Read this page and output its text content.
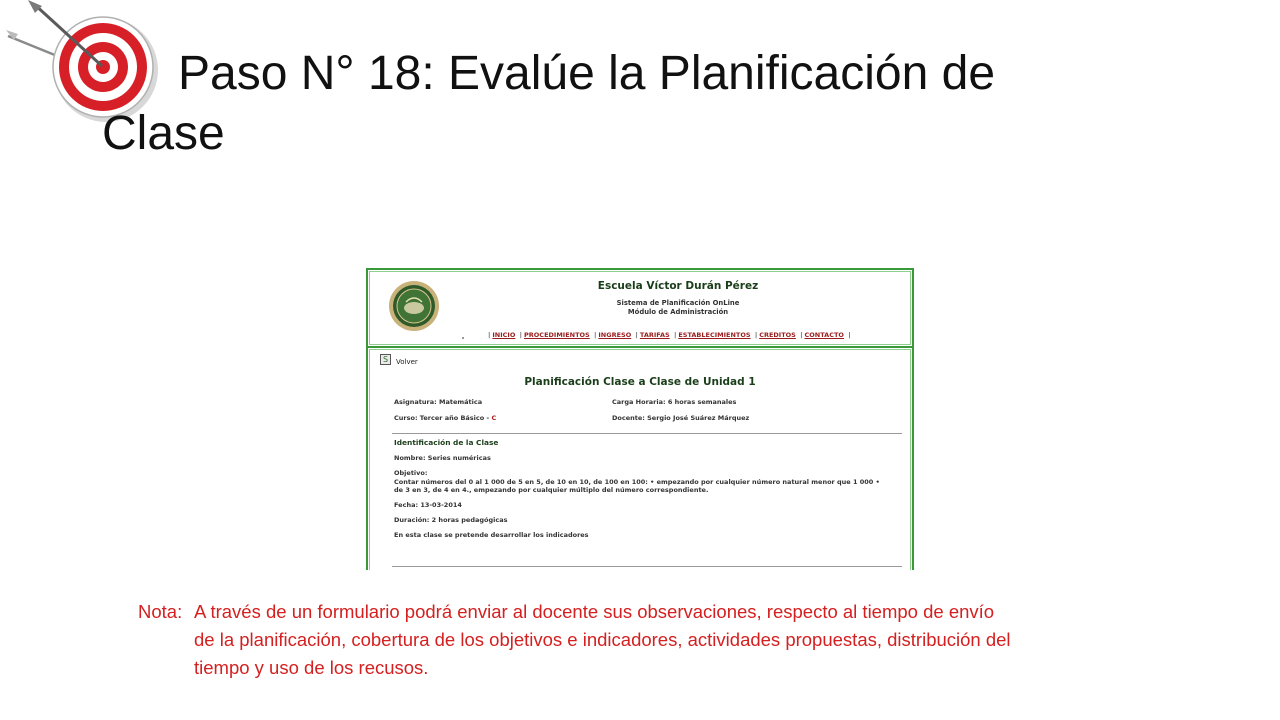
Paso N° 18: Evalúe la Planificación de Clase
Escuela Víctor Durán Pérez
Sistema de Planificación OnLine
Módulo de Administración
| INICIO | PROCEDIMIENTOS | INGRESO | TARIFAS | ESTABLECIMIENTOS | CREDITOS | CONTACTO |
S	Volver
Planificación Clase a Clase de Unidad 1
Asignatura: Matemática	Carga Horaria: 6 horas semanales
Curso: Tercer año Básico - C	Docente: Sergio José Suárez Márquez
Identificación de la Clase
Nombre: Series numéricas
Objetivo:
Contar números del 0 al 1 000 de 5 en 5, de 10 en 10, de 100 en 100: • empezando por cualquier número natural menor que 1 000 •
de 3 en 3, de 4 en 4., empezando por cualquier múltiplo del número correspondiente.
Fecha: 13-03-2014
Duración: 2 horas pedagógicas
En esta clase se pretende desarrollar los indicadores
Nota: A través de un formulario podrá enviar al docente sus observaciones, respecto al tiempo de envío
de la planificación, cobertura de los objetivos e indicadores, actividades propuestas, distribución del
tiempo y uso de los recusos.
